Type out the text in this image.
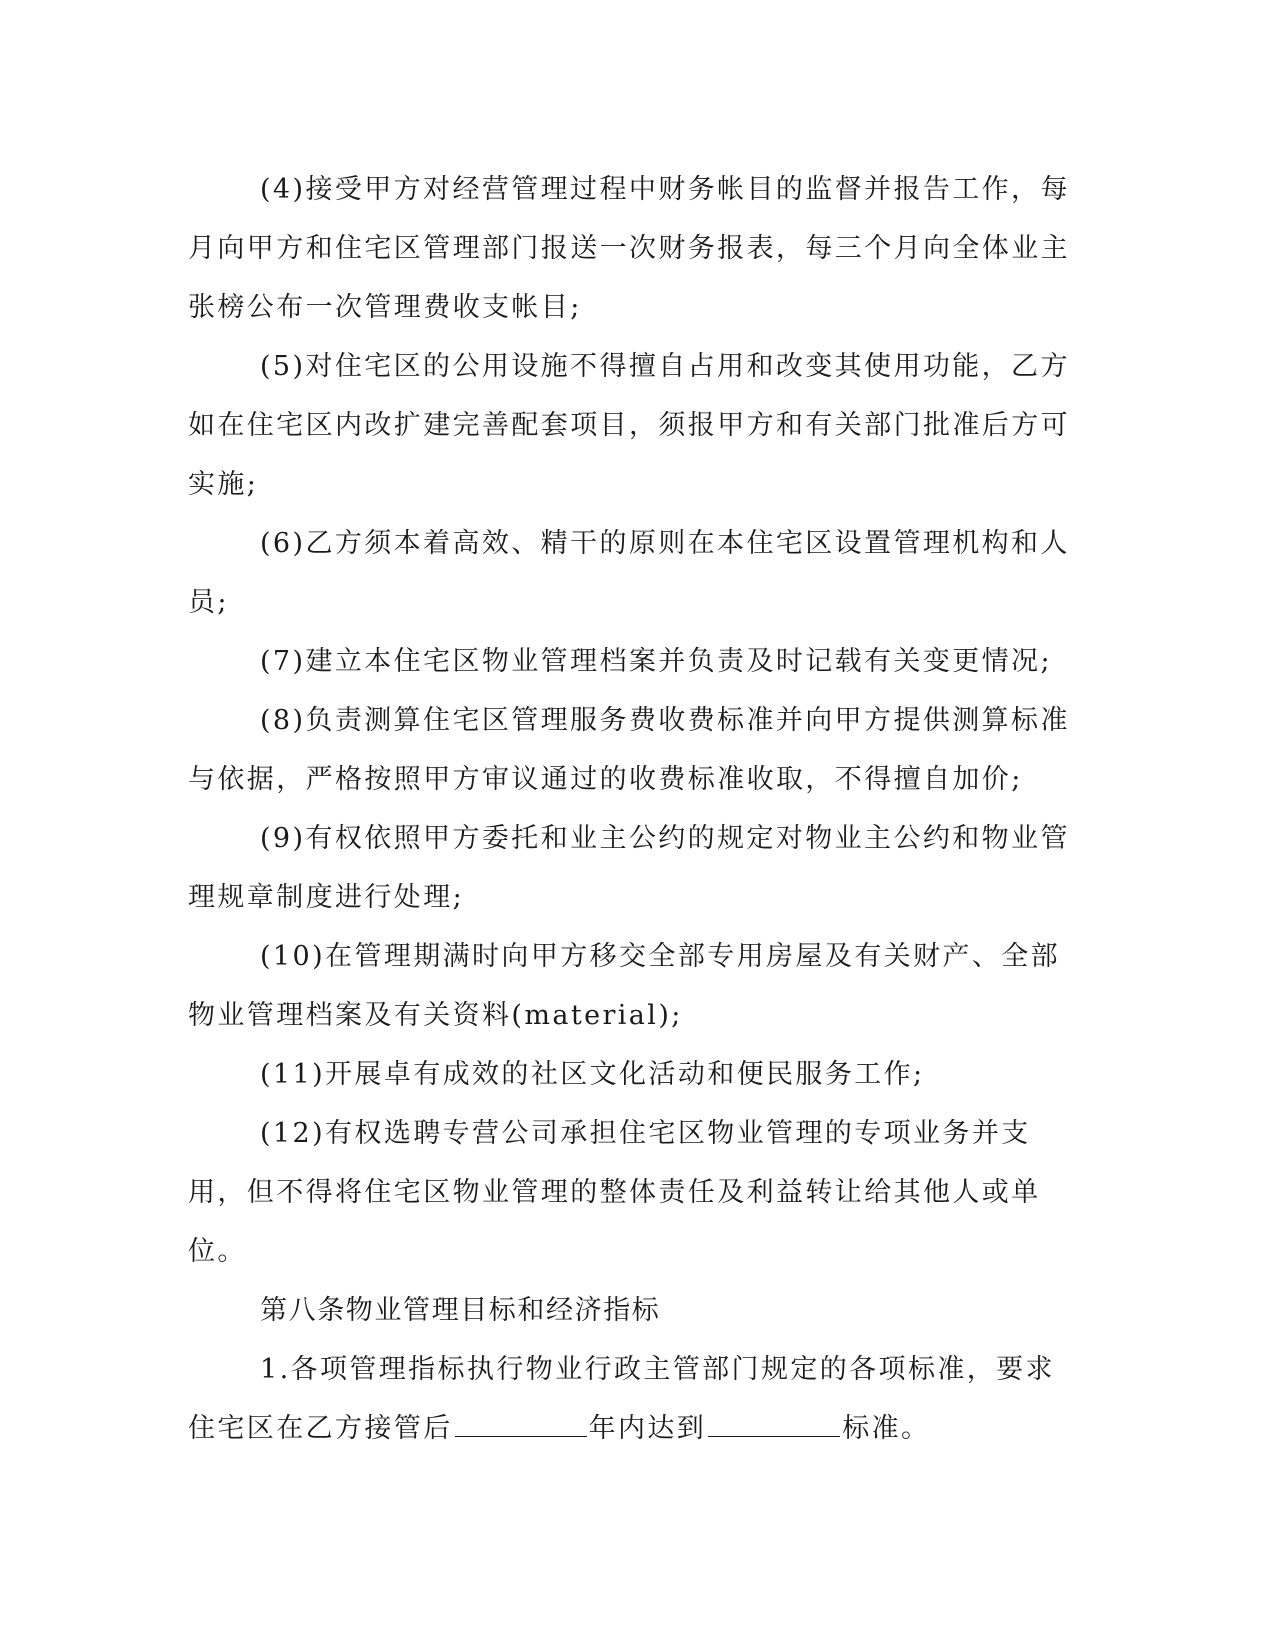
(4)接受甲方对经营管理过程中财务帐目的监督并报告工作，每月向甲方和住宅区管理部门报送一次财务报表，每三个月向全体业主张榜公布一次管理费收支帐目;

(5)对住宅区的公用设施不得擅自占用和改变其使用功能，乙方如在住宅区内改扩建完善配套项目，须报甲方和有关部门批准后方可实施;

(6)乙方须本着高效、精干的原则在本住宅区设置管理机构和人员;

(7)建立本住宅区物业管理档案并负责及时记载有关变更情况;

(8)负责测算住宅区管理服务费收费标准并向甲方提供测算标准与依据，严格按照甲方审议通过的收费标准收取，不得擅自加价;

(9)有权依照甲方委托和业主公约的规定对物业主公约和物业管理规章制度进行处理;

(10)在管理期满时向甲方移交全部专用房屋及有关财产、全部物业管理档案及有关资料(material);

(11)开展卓有成效的社区文化活动和便民服务工作;

(12)有权选聘专营公司承担住宅区物业管理的专项业务并支用，但不得将住宅区物业管理的整体责任及利益转让给其他人或单位。

第八条物业管理目标和经济指标

1.各项管理指标执行物业行政主管部门规定的各项标准，要求住宅区在乙方接管后	年内达到	标准。
